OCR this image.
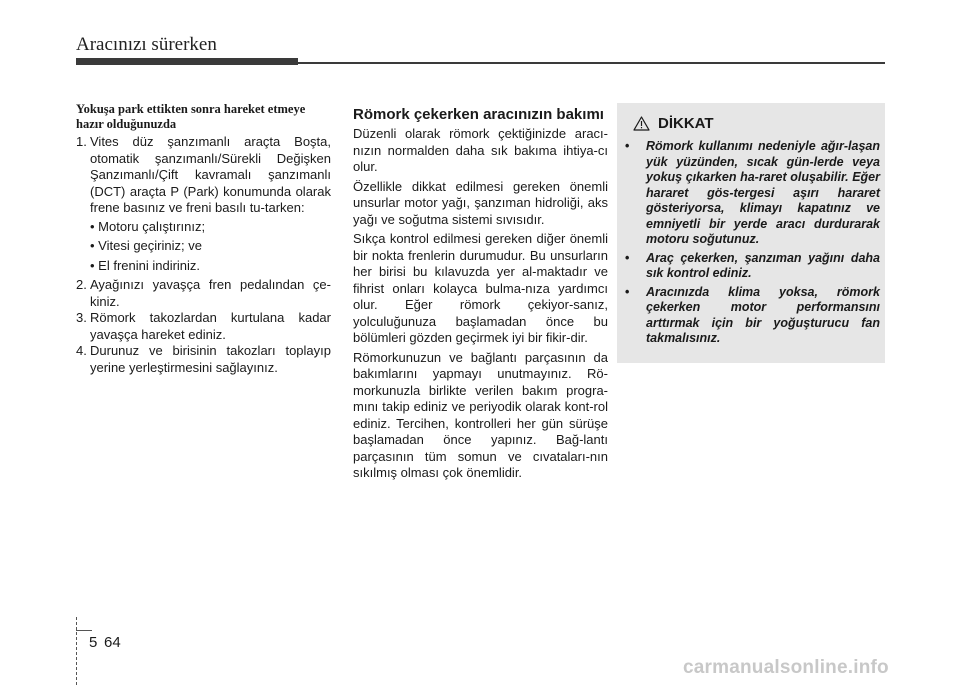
Aracınızı sürerken
Yokuşa park ettikten sonra hareket etmeye hazır olduğunuzda
1. Vites düz şanzımanlı araçta Boşta, otomatik şanzımanlı/Sürekli Değişken Şanzımanlı/Çift kavramalı şanzımanlı (DCT) araçta P (Park) konumunda olarak frene basınız ve freni basılı tu-tarken:
• Motoru çalıştırınız;
• Vitesi geçiriniz; ve
• El frenini indiriniz.
2. Ayağınızı yavaşça fren pedalından çe-kiniz.
3. Römork takozlardan kurtulana kadar yavaşça hareket ediniz.
4. Durunuz ve birisinin takozları toplayıp yerine yerleştirmesini sağlayınız.
Römork çekerken aracınızın bakımı

Düzenli olarak römork çektiğinizde aracı-nızın normalden daha sık bakıma ihtiya-cı olur.

Özellikle dikkat edilmesi gereken önemli unsurlar motor yağı, şanzıman hidroliği, aks yağı ve soğutma sistemi sıvısıdır.

Sıkça kontrol edilmesi gereken diğer önemli bir nokta frenlerin durumudur. Bu unsurların her birisi bu kılavuzda yer al-maktadır ve fihrist onları kolayca bulma-nıza yardımcı olur. Eğer römork çekiyor-sanız, yolculuğunuza başlamadan önce bu bölümleri gözden geçirmek iyi bir fikir-dir.

Römorkunuzun ve bağlantı parçasının da bakımlarını yapmayı unutmayınız. Rö-morkunuzla birlikte verilen bakım progra-mını takip ediniz ve periyodik olarak kont-rol ediniz. Tercihen, kontrolleri her gün sürüşe başlamadan önce yapınız. Bağ-lantı parçasının tüm somun ve cıvataları-nın sıkılmış olması çok önemlidir.

DİKKAT
• Römork kullanımı nedeniyle ağır-laşan yük yüzünden, sıcak gün-lerde veya yokuş çıkarken ha-raret oluşabilir. Eğer hararet gös-tergesi aşırı hararet gösteriyorsa, klimayı kapatınız ve emniyetli bir yerde aracı durdurarak motoru soğutunuz.
• Araç çekerken, şanzıman yağını daha sık kontrol ediniz.
• Aracınızda klima yoksa, römork çekerken motor performansını arttırmak için bir yoğuşturucu fan takmalısınız.
5 64
carmanualsonline.info
